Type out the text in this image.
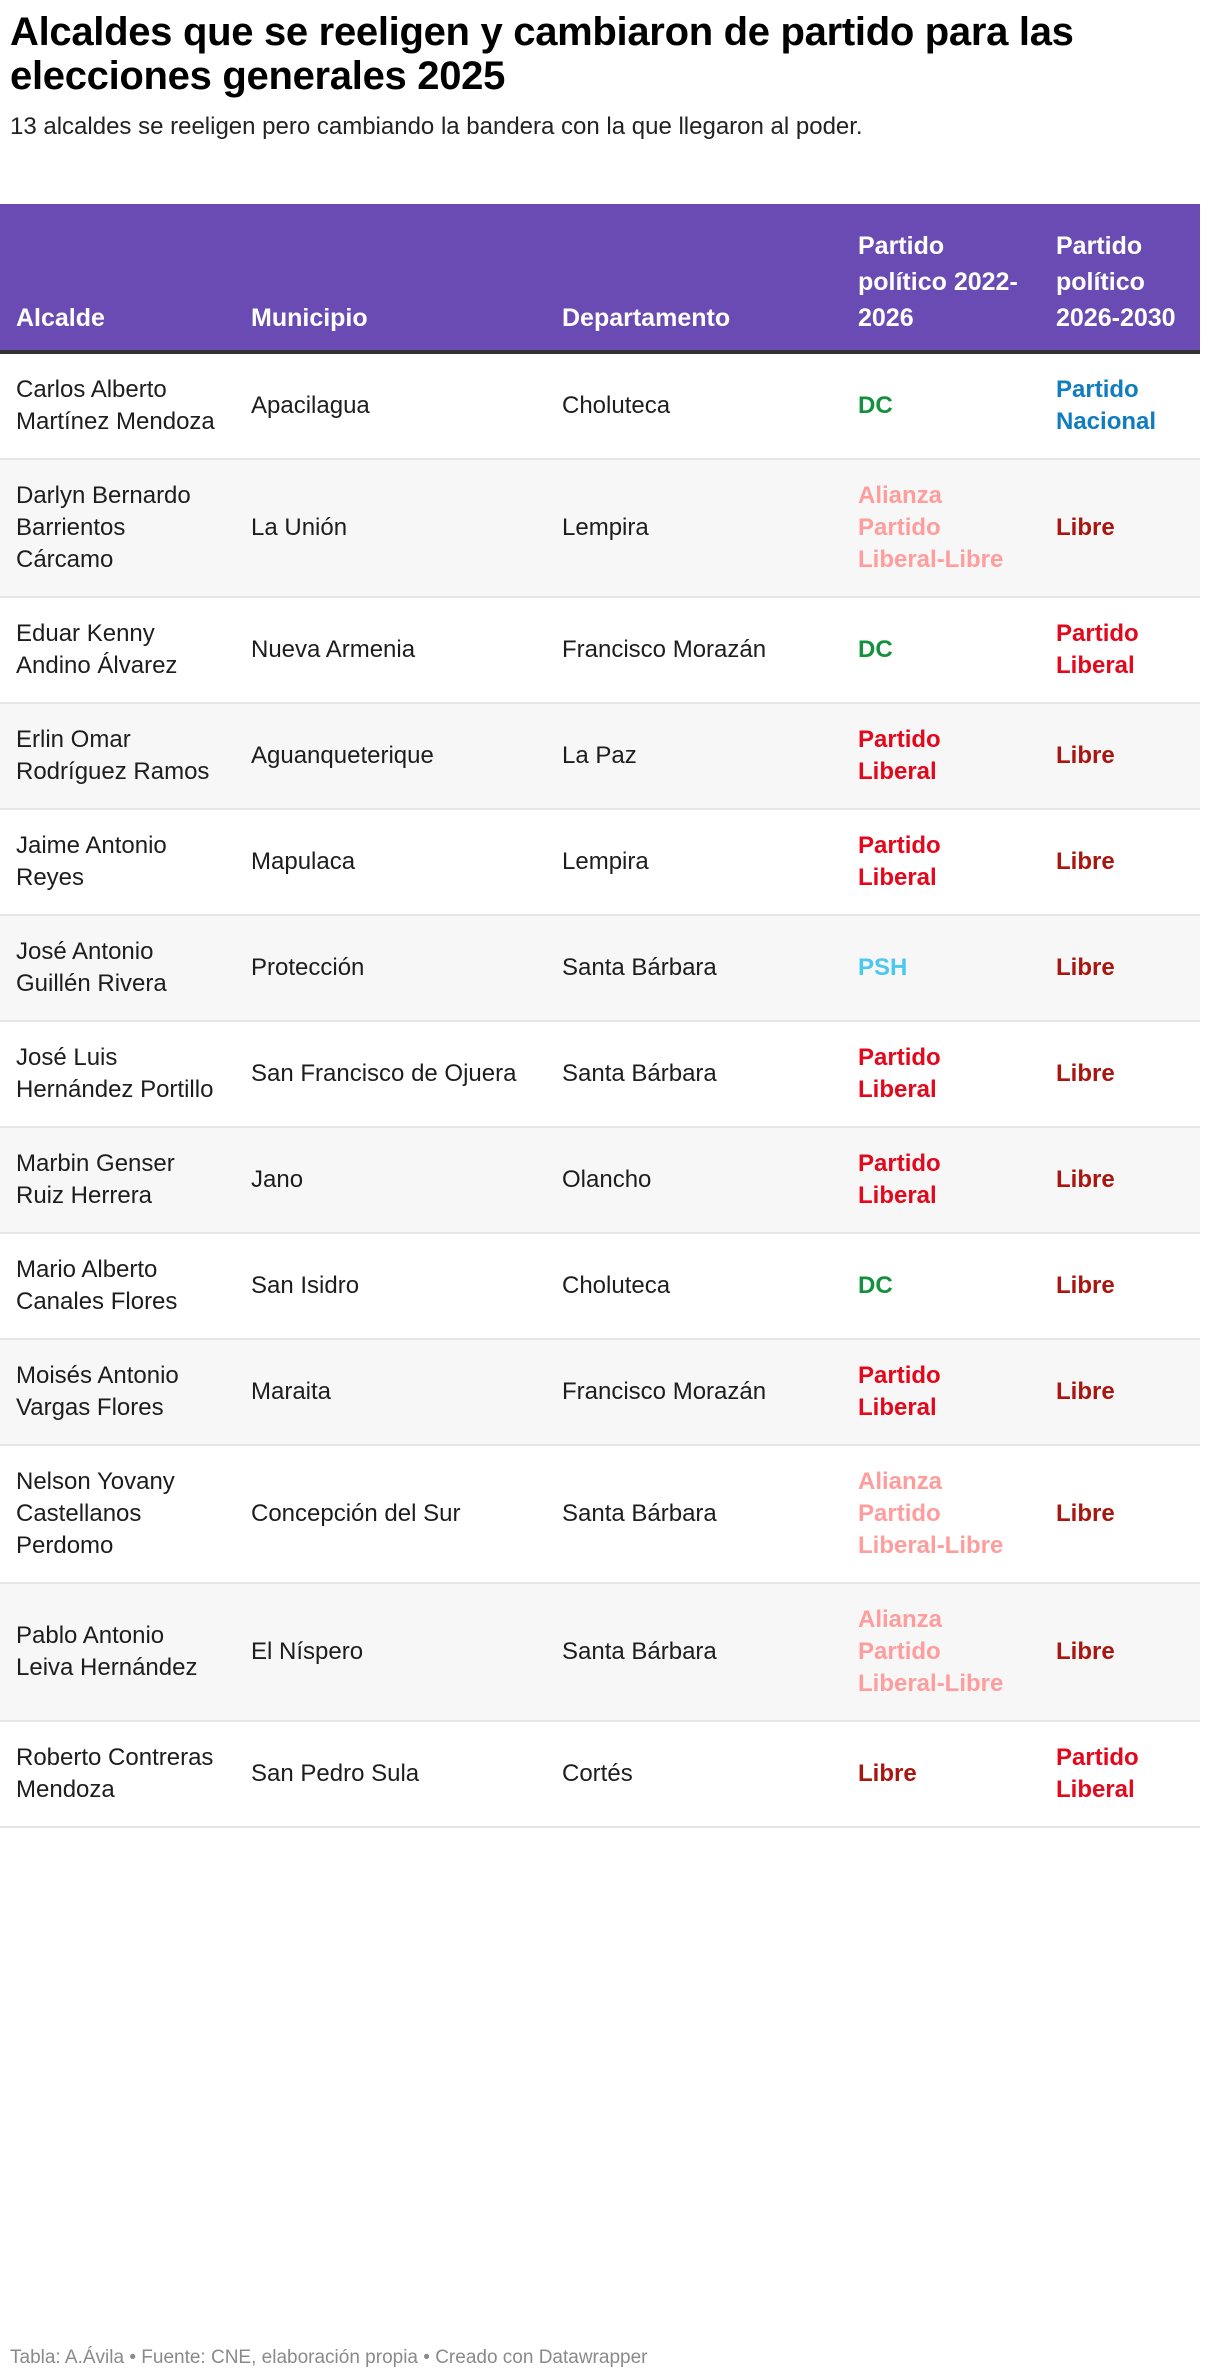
Alcaldes que se reeligen y cambiaron de partido para las elecciones generales 2025

13 alcaldes se reeligen pero cambiando la bandera con la que llegaron al poder.

Alcalde	Municipio	Departamento	Partido político 2022-2026	Partido político 2026-2030
Carlos Alberto Martínez Mendoza	Apacilagua	Choluteca	DC	Partido Nacional
Darlyn Bernardo Barrientos Cárcamo	La Unión	Lempira	Alianza Partido Liberal-Libre	Libre
Eduar Kenny Andino Álvarez	Nueva Armenia	Francisco Morazán	DC	Partido Liberal
Erlin Omar Rodríguez Ramos	Aguanqueterique	La Paz	Partido Liberal	Libre
Jaime Antonio Reyes	Mapulaca	Lempira	Partido Liberal	Libre
José Antonio Guillén Rivera	Protección	Santa Bárbara	PSH	Libre
José Luis Hernández Portillo	San Francisco de Ojuera	Santa Bárbara	Partido Liberal	Libre
Marbin Genser Ruiz Herrera	Jano	Olancho	Partido Liberal	Libre
Mario Alberto Canales Flores	San Isidro	Choluteca	DC	Libre
Moisés Antonio Vargas Flores	Maraita	Francisco Morazán	Partido Liberal	Libre
Nelson Yovany Castellanos Perdomo	Concepción del Sur	Santa Bárbara	Alianza Partido Liberal-Libre	Libre
Pablo Antonio Leiva Hernández	El Níspero	Santa Bárbara	Alianza Partido Liberal-Libre	Libre
Roberto Contreras Mendoza	San Pedro Sula	Cortés	Libre	Partido Liberal
Tabla: A.Ávila • Fuente: CNE, elaboración propia • Creado con Datawrapper
